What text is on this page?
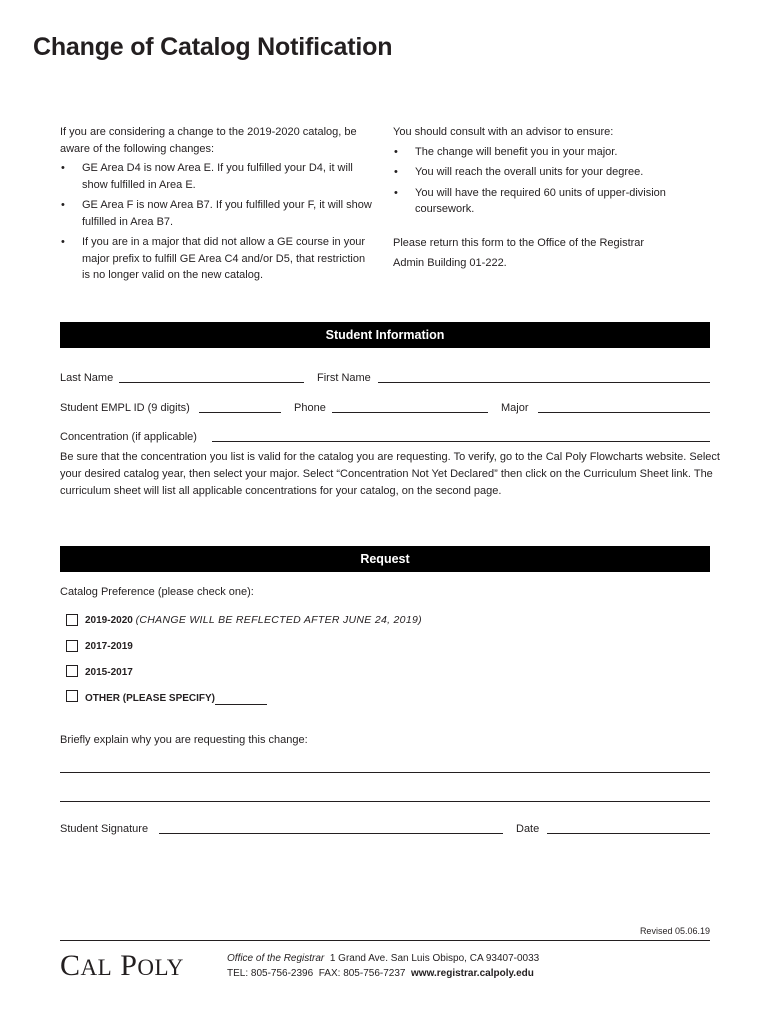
Change of Catalog Notification

If you are considering a change to the 2019-2020 catalog, be aware of the following changes:

• GE Area D4 is now Area E. If you fulfilled your D4, it will show fulfilled in Area E.
• GE Area F is now Area B7. If you fulfilled your F, it will show fulfilled in Area B7.
• If you are in a major that did not allow a GE course in your major prefix to fulfill GE Area C4 and/or D5, that restriction is no longer valid on the new catalog.

You should consult with an advisor to ensure:

• The change will benefit you in your major.
• You will reach the overall units for your degree.
• You will have the required 60 units of upper-division coursework.

Please return this form to the Office of the Registrar

Admin Building 01-222.

Student Information
Last Name	First Name
Student EMPL ID (9 digits)	Phone	Major
Concentration (if applicable)
Be sure that the concentration you list is valid for the catalog you are requesting. To verify, go to the Cal Poly Flowcharts website. Select your desired catalog year, then select your major. Select “Concentration Not Yet Declared” then click on the Curriculum Sheet link. The curriculum sheet will list all applicable concentrations for your catalog, on the second page.
Request
Catalog Preference (please check one):
2019-2020 (CHANGE WILL BE REFLECTED AFTER JUNE 24, 2019)
2017-2019
2015-2017
OTHER (PLEASE SPECIFY)
Briefly explain why you are requesting this change:
Student Signature	Date
Revised 05.06.19
CAL POLY	Office of the Registrar 1 Grand Ave. San Luis Obispo, CA 93407-0033
TEL: 805-756-2396 FAX: 805-756-7237 www.registrar.calpoly.edu
